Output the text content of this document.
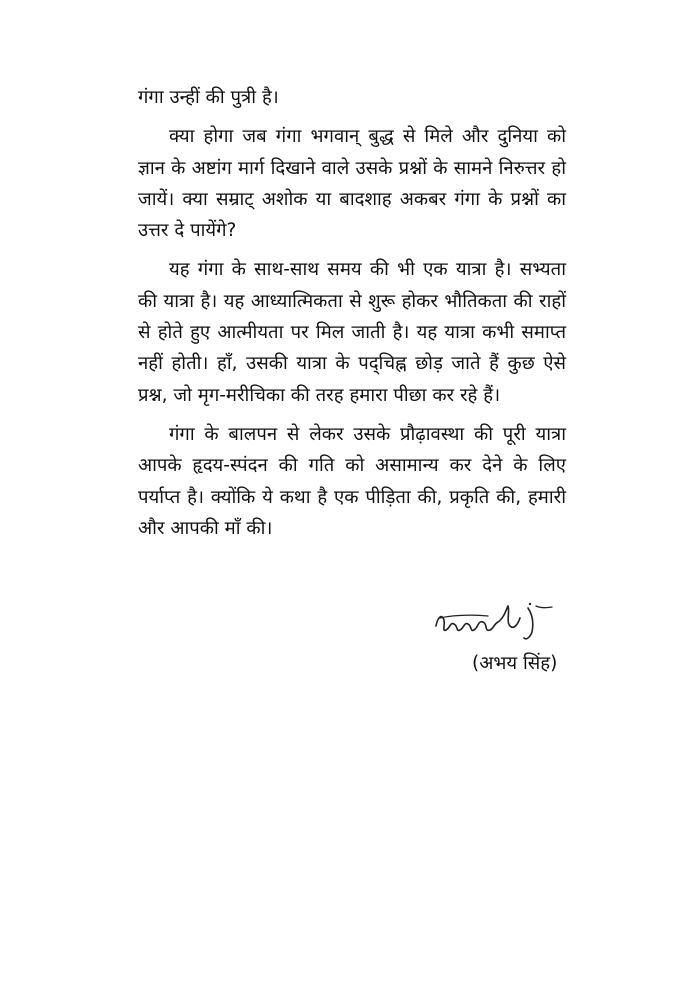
गंगा उन्हीं की पुत्री है।

क्या होगा जब गंगा भगवान् बुद्ध से मिले और दुनिया को ज्ञान के अष्टांग मार्ग दिखाने वाले उसके प्रश्नों के सामने निरुत्तर हो जायें। क्या सम्राट् अशोक या बादशाह अकबर गंगा के प्रश्नों का उत्तर दे पायेंगे?

यह गंगा के साथ-साथ समय की भी एक यात्रा है। सभ्यता की यात्रा है। यह आध्यात्मिकता से शुरू होकर भौतिकता की राहों से होते हुए आत्मीयता पर मिल जाती है। यह यात्रा कभी समाप्त नहीं होती। हाँ, उसकी यात्रा के पद्चिह्न छोड़ जाते हैं कुछ ऐसे प्रश्न, जो मृग-मरीचिका की तरह हमारा पीछा कर रहे हैं।

गंगा के बालपन से लेकर उसके प्रौढ़ावस्था की पूरी यात्रा आपके हृदय-स्पंदन की गति को असामान्य कर देने के लिए पर्याप्त है। क्योंकि ये कथा है एक पीड़िता की, प्रकृति की, हमारी और आपकी माँ की।

(अभय सिंह)
